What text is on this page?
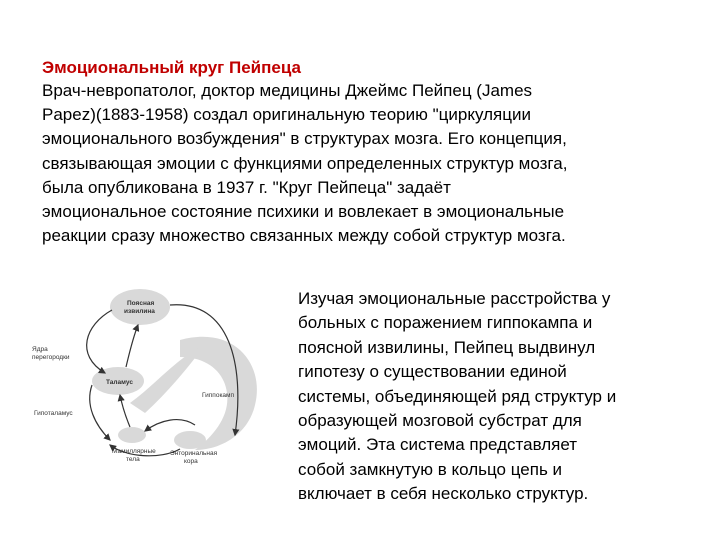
Эмоциональный круг Пейпеца
Врач-невропатолог, доктор медицины Джеймс Пейпец (James
Papez)(1883-1958) создал оригинальную теорию "циркуляции
эмоционального возбуждения" в структурах мозга. Его концепция,
связывающая эмоции с функциями определенных структур мозга,
была опубликована в 1937 г. "Круг Пейпеца" задаёт
эмоциональное состояние психики и вовлекает в эмоциональные
реакции сразу множество связанных между собой структур мозга.
Поясная
извилина
Ядра
перегородки
Таламус
Гиппокамп
Гипоталамус
Мамиллярные
тела
Энторинальная
кора
Изучая эмоциональные расстройства у
больных с поражением гиппокампа и
поясной извилины, Пейпец выдвинул
гипотезу о существовании единой
системы, объединяющей ряд структур и
образующей мозговой субстрат для
эмоций. Эта система представляет
собой замкнутую в кольцо цепь и
включает в себя несколько структур.
